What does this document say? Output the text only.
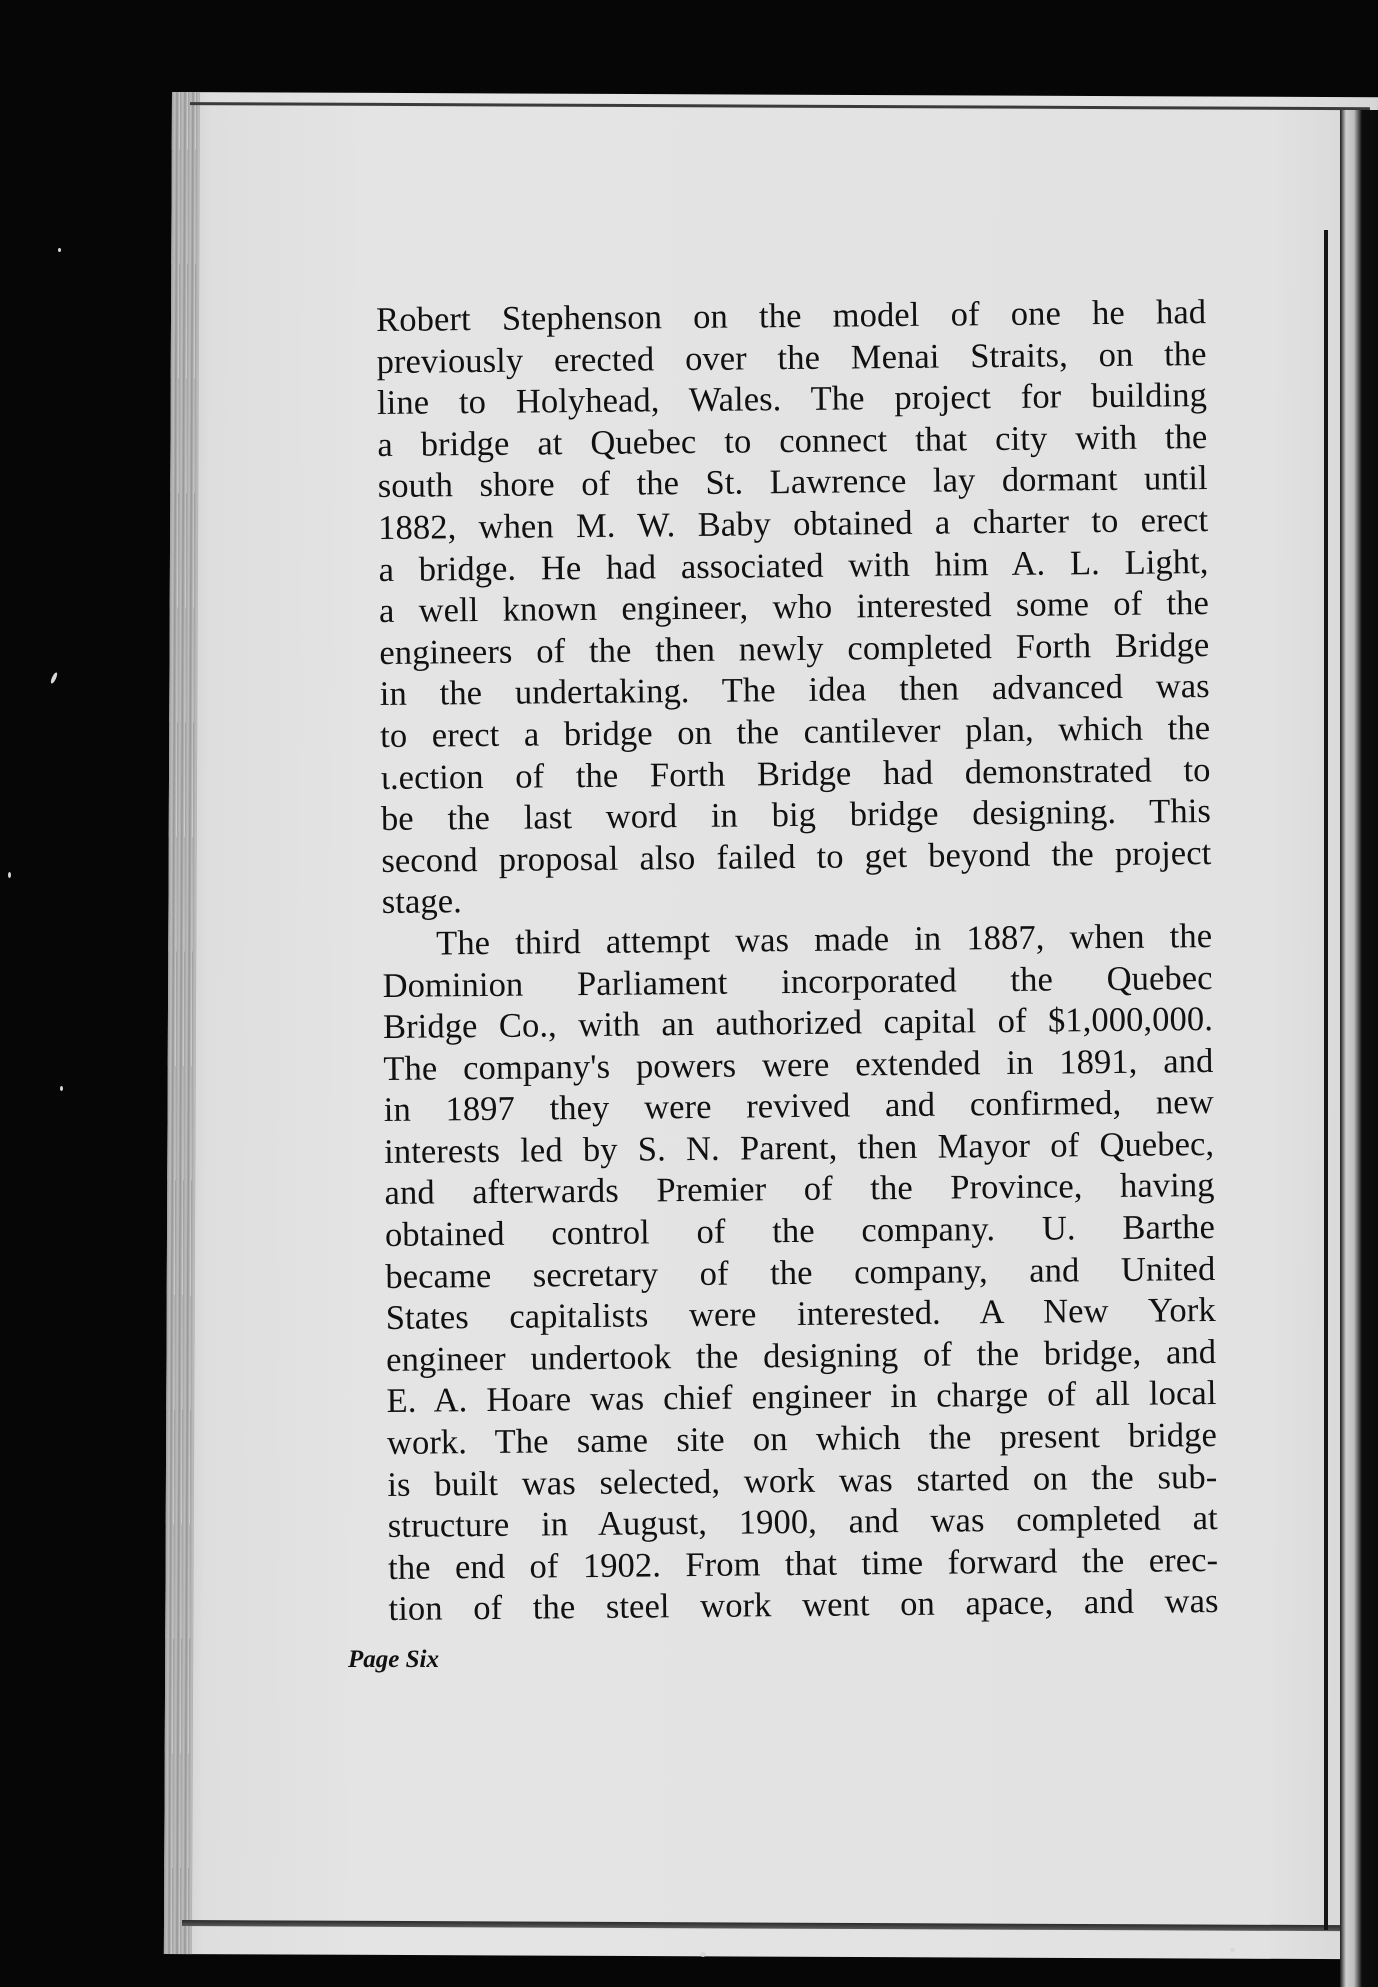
Robert Stephenson on the model of one he had
previously erected over the Menai Straits, on the
line to Holyhead, Wales. The project for building
a bridge at Quebec to connect that city with the
south shore of the St. Lawrence lay dormant until
1882, when M. W. Baby obtained a charter to erect
a bridge. He had associated with him A. L. Light,
a well known engineer, who interested some of the
engineers of the then newly completed Forth Bridge
in the undertaking. The idea then advanced was
to erect a bridge on the cantilever plan, which the
ι.ection of the Forth Bridge had demonstrated to
be the last word in big bridge designing. This
second proposal also failed to get beyond the project
stage.
The third attempt was made in 1887, when the
Dominion Parliament incorporated the Quebec
Bridge Co., with an authorized capital of $1,000,000.
The company's powers were extended in 1891, and
in 1897 they were revived and confirmed, new
interests led by S. N. Parent, then Mayor of Quebec,
and afterwards Premier of the Province, having
obtained control of the company. U. Barthe
became secretary of the company, and United
States capitalists were interested. A New York
engineer undertook the designing of the bridge, and
E. A. Hoare was chief engineer in charge of all local
work. The same site on which the present bridge
is built was selected, work was started on the sub-
structure in August, 1900, and was completed at
the end of 1902. From that time forward the erec-
tion of the steel work went on apace, and was
Page Six
